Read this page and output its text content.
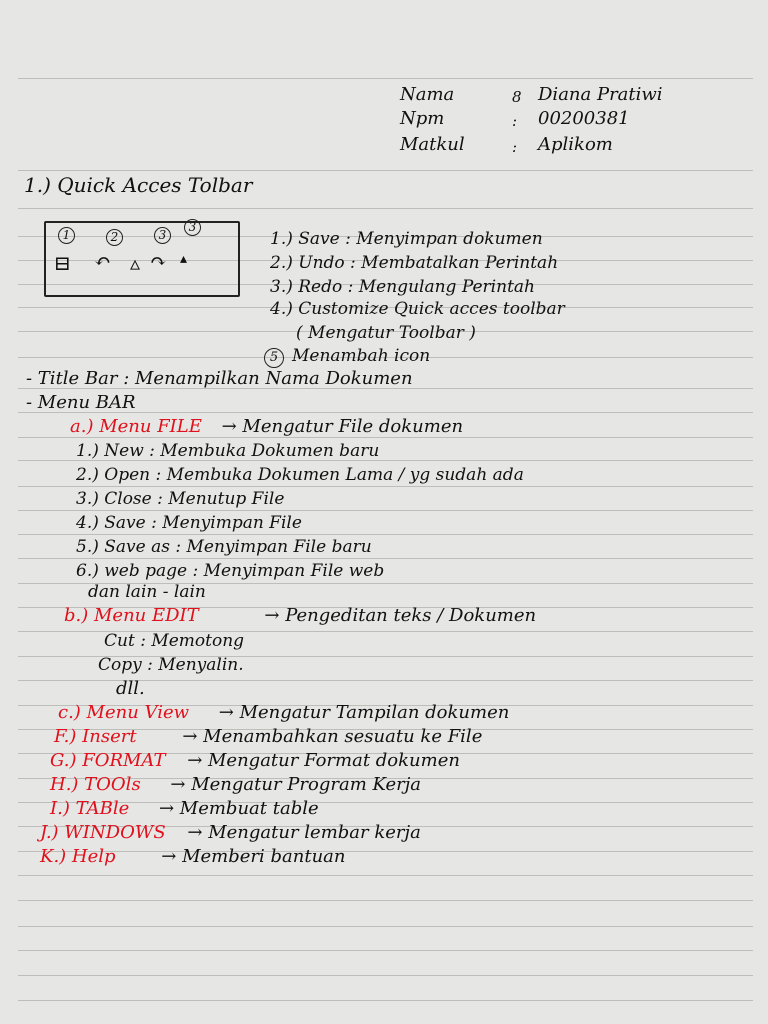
Nama	8 Diana Pratiwi
Npm	: 00200381
Matkul	: Aplikom
1.) Quick Acces Tolbar
1	2	3
3
⊟ ↶ ▵ ↷ ▴
1.) Save : Menyimpan dokumen
2.) Undo : Membatalkan Perintah
3.) Redo : Mengulang Perintah
4.) Customize Quick acces toolbar
( Mengatur Toolbar )
5 Menambah icon
- Title Bar : Menampilkan Nama Dokumen
- Menu BAR
a.) Menu FILE → Mengatur File dokumen
1.) New : Membuka Dokumen baru
2.) Open : Membuka Dokumen Lama / yg sudah ada
3.) Close : Menutup File
4.) Save : Menyimpan File
5.) Save as : Menyimpan File baru
6.) web page : Menyimpan File web
dan lain - lain
b.) Menu EDIT	→ Pengeditan teks / Dokumen
Cut : Memotong
Copy : Menyalin.
dll.
c.) Menu View → Mengatur Tampilan dokumen
F.) Insert	→ Menambahkan sesuatu ke File
G.) FORMAT → Mengatur Format dokumen
H.) TOOls → Mengatur Program Kerja
I.) TABle → Membuat table
J.) WINDOWS → Mengatur lembar kerja
K.) Help	→ Memberi bantuan
